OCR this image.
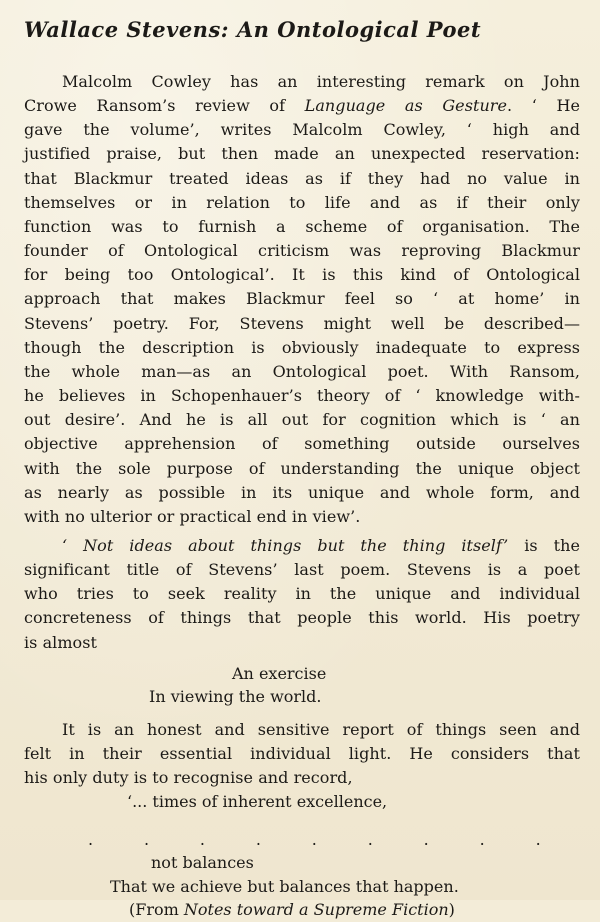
Wallace Stevens: An Ontological Poet
Malcolm Cowley has an interesting remark on John
Crowe Ransom’s review of Language as Gesture. ‘ He
gave the volume’, writes Malcolm Cowley, ‘ high and
justified praise, but then made an unexpected reservation:
that Blackmur treated ideas as if they had no value in
themselves or in relation to life and as if their only
function was to furnish a scheme of organisation. The
founder of Ontological criticism was reproving Blackmur
for being too Ontological’. It is this kind of Ontological
approach that makes Blackmur feel so ‘ at home’ in
Stevens’ poetry. For, Stevens might well be described—
though the description is obviously inadequate to express
the whole man—as an Ontological poet. With Ransom,
he believes in Schopenhauer’s theory of ‘ knowledge with-
out desire’. And he is all out for cognition which is ‘ an
objective apprehension of something outside ourselves
with the sole purpose of understanding the unique object
as nearly as possible in its unique and whole form, and
with no ulterior or practical end in view’.
‘ Not ideas about things but the thing itself’ is the
significant title of Stevens’ last poem. Stevens is a poet
who tries to seek reality in the unique and individual
concreteness of things that people this world. His poetry
is almost
An exercise
In viewing the world.
It is an honest and sensitive report of things seen and
felt in their essential individual light. He considers that
his only duty is to recognise and record,
‘... times of inherent excellence,
.          .          .          .          .          .          .          .          .
not balances
That we achieve but balances that happen.
(From Notes toward a Supreme Fiction)
